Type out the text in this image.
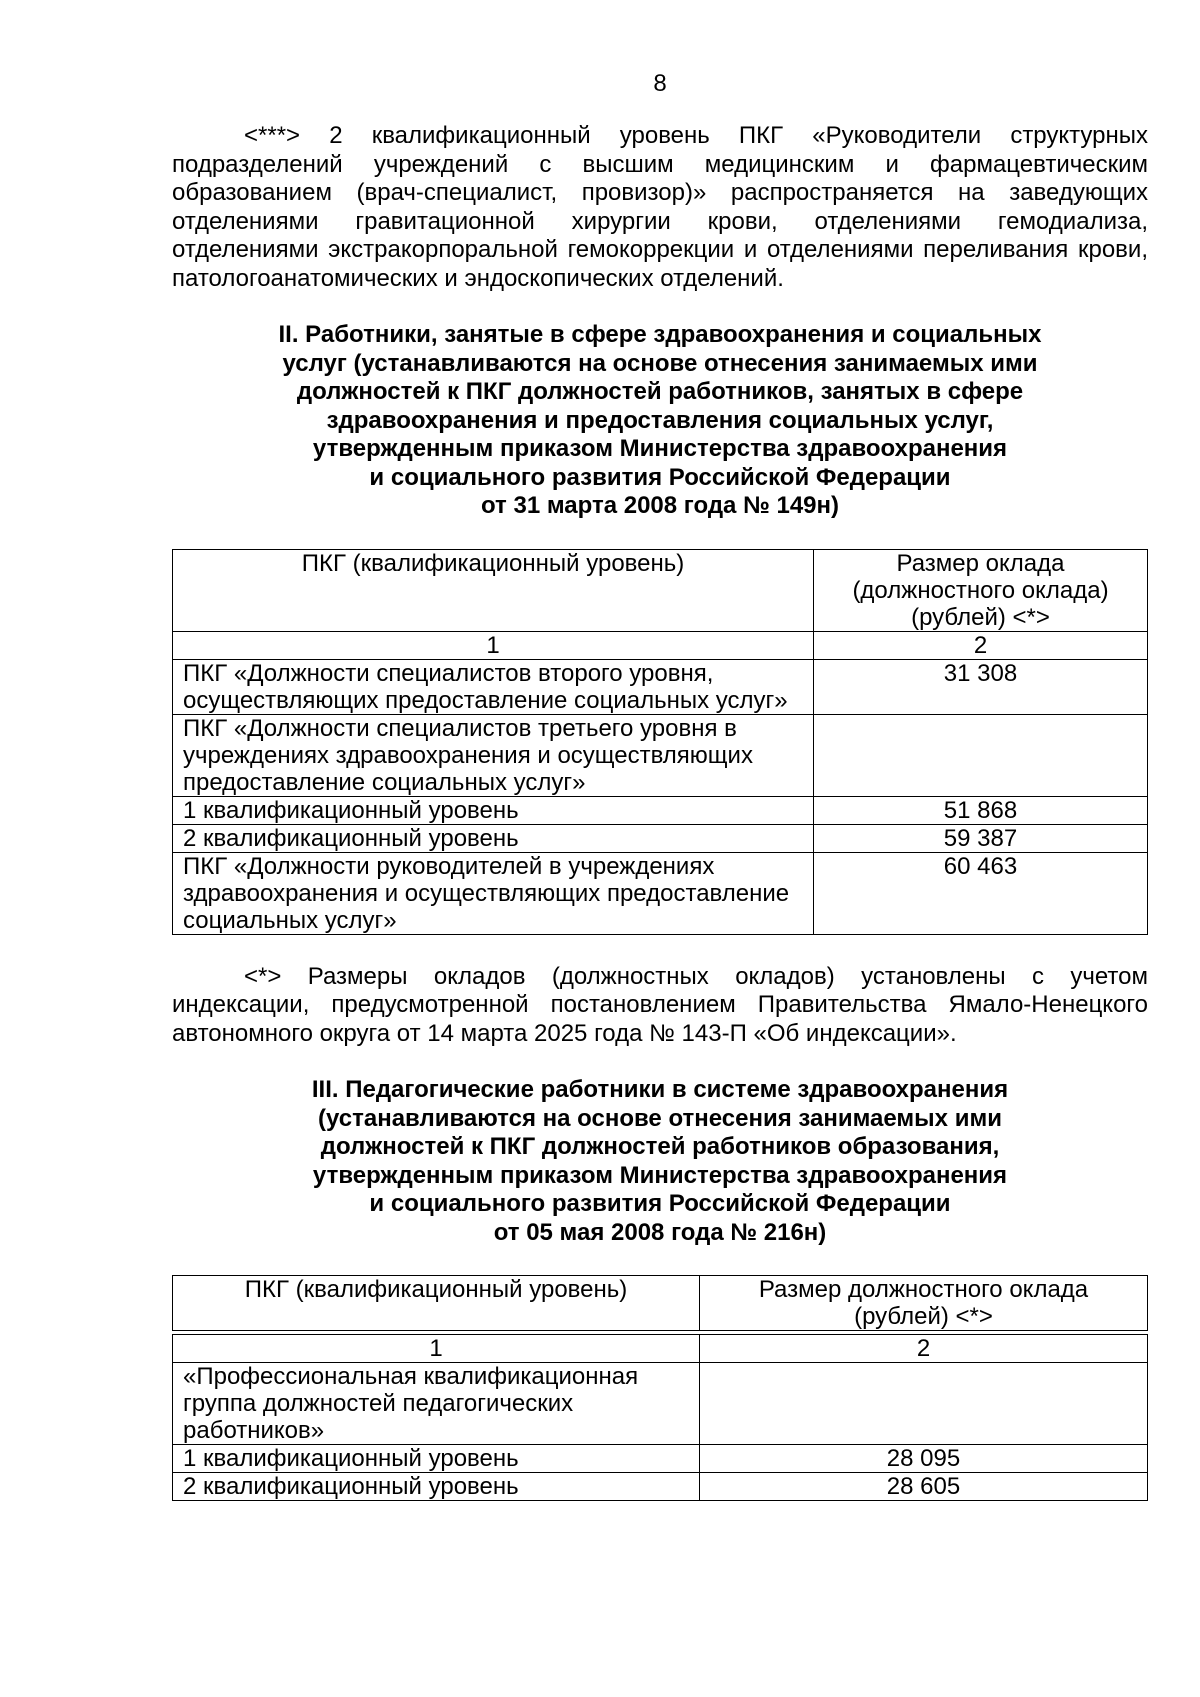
8

<***> 2 квалификационный уровень ПКГ «Руководители структурных подразделений учреждений с высшим медицинским и фармацевтическим образованием (врач-специалист, провизор)» распространяется на заведующих отделениями гравитационной хирургии крови, отделениями гемодиализа, отделениями экстракорпоральной гемокоррекции и отделениями переливания крови, патологоанатомических и эндоскопических отделений.

II. Работники, занятые в сфере здравоохранения и социальных
услуг (устанавливаются на основе отнесения занимаемых ими
должностей к ПКГ должностей работников, занятых в сфере
здравоохранения и предоставления социальных услуг,
утвержденным приказом Министерства здравоохранения
и социального развития Российской Федерации
от 31 марта 2008 года № 149н)
ПКГ (квалификационный уровень)	Размер оклада (должностного оклада) (рублей) <*>
1	2
ПКГ «Должности специалистов второго уровня, осуществляющих предоставление социальных услуг»	31 308
ПКГ «Должности специалистов третьего уровня в учреждениях здравоохранения и осуществляющих предоставление социальных услуг»	
1 квалификационный уровень	51 868
2 квалификационный уровень	59 387
ПКГ «Должности руководителей в учреждениях здравоохранения и осуществляющих предоставление социальных услуг»	60 463

<*> Размеры окладов (должностных окладов) установлены с учетом индексации, предусмотренной постановлением Правительства Ямало-Ненецкого автономного округа от 14 марта 2025 года № 143-П «Об индексации».

III. Педагогические работники в системе здравоохранения
(устанавливаются на основе отнесения занимаемых ими
должностей к ПКГ должностей работников образования,
утвержденным приказом Министерства здравоохранения
и социального развития Российской Федерации
от 05 мая 2008 года № 216н)
ПКГ (квалификационный уровень)	Размер должностного оклада (рублей) <*>

1	2
«Профессиональная квалификационная группа должностей педагогических работников»	
1 квалификационный уровень	28 095
2 квалификационный уровень	28 605
